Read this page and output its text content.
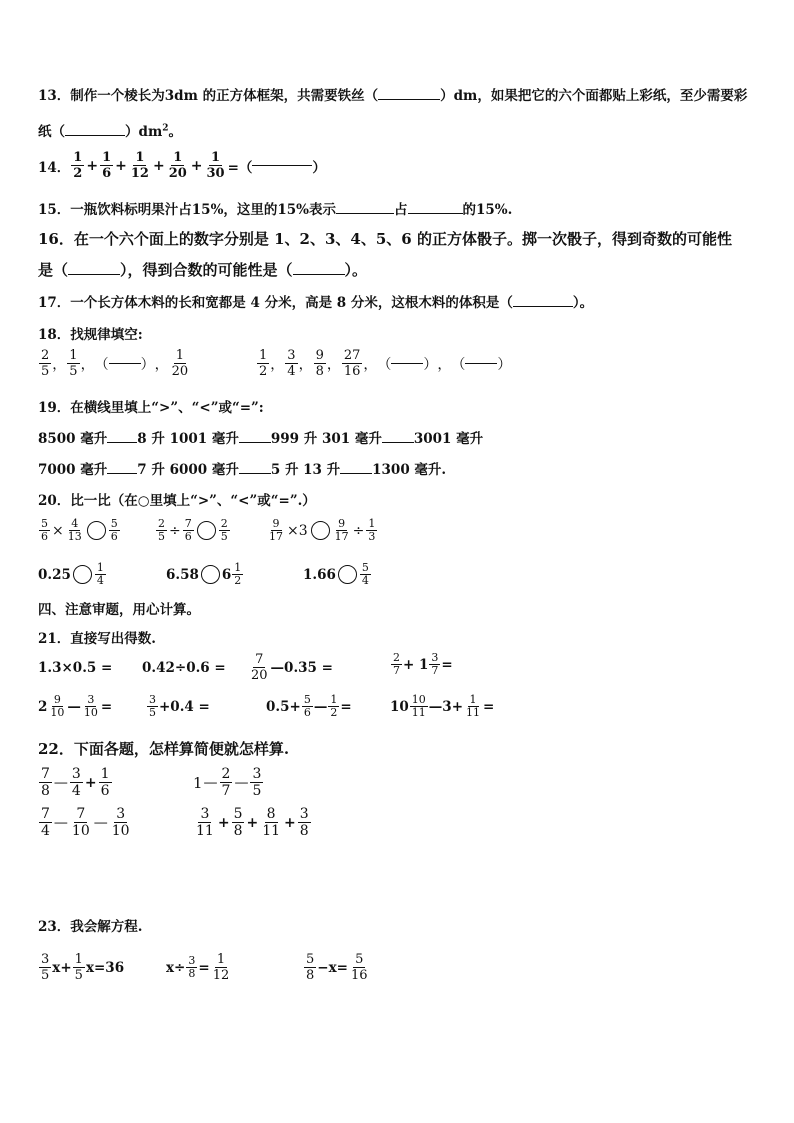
13．制作一个棱长为3dm 的正方体框架，共需要铁丝（	）dm，如果把它的六个面都贴上彩纸，至少需要彩
纸（	）$dm^2$。
14． $\frac{1}{2} + \frac{1}{6} + \frac{1}{12} + \frac{1}{20} + \frac{1}{30}$ =（	）
15．一瓶饮料标明果汁占15%，这里的15%表示	占	的15%.
16．在一个六个面上的数字分别是 1、2、3、4、5、6 的正方体骰子。掷一次骰子，得到奇数的可能性
是（	），得到合数的可能性是（	）。
17．一个长方体木料的长和宽都是 4 分米，高是 8 分米，这根木料的体积是（	）。
18．找规律填空:
$\frac{2}{5}$ ， $\frac{1}{5}$ ， （ ） ， $\frac{1}{20}$	$\frac{1}{2}$ ， $\frac{3}{4}$ ， $\frac{9}{8}$ ， $\frac{27}{16}$ ， （ ） ， （ ）
19．在横线里填上“>”、“<”或“=”:
8500 毫升 8 升 1001 毫升 999 升 301 毫升 3001 毫升
7000 毫升 7 升 6000 毫升 5 升 13 升 1300 毫升.
20．比一比（在○里填上“>”、“<”或“=”.）
$\frac{5}{6} \times \frac{4}{13} \frac{5}{6}$	$\frac{2}{5} \div \frac{7}{6} \frac{2}{5}$	$\frac{9}{17} \times 3 \frac{9}{17} \div \frac{1}{3}$
$0.25 \frac{1}{4}$	6.58 $6 \frac{1}{2}$	$1.66 \frac{5}{4}$
四、注意审题，用心计算。
21．直接写出得数.
$1.3\times 0.5 = 0.42\div 0.6 = \frac{7}{20}$ —0.35 =	$\frac{2}{7} + 1 \frac{3}{7}$ =
$2 \frac{9}{10}$ — $\frac{3}{10}$ =	$\frac{3}{5} +0.4$ =	$0.5+ \frac{5}{6}$ — $\frac{1}{2}$ =	$10 \frac{10}{11}$ —3+ $\frac{1}{11}$ =
22．下面各题，怎样算简便就怎样算.
$\frac{7}{8}$ — $\frac{3}{4} + \frac{1}{6}$	1 — $\frac{2}{7}$ — $\frac{3}{5}$
$\frac{7}{4}$ — $\frac{7}{10}$ — $\frac{3}{10}$	$\frac{3}{11} + \frac{5}{8} + \frac{8}{11} + \frac{3}{8}$
23．我会解方程.
$\frac{3}{5} x+ \frac{1}{5} x=36$	$x\div \frac{3}{8} = \frac{1}{12}$	$\frac{5}{8} -x= \frac{5}{16}$
